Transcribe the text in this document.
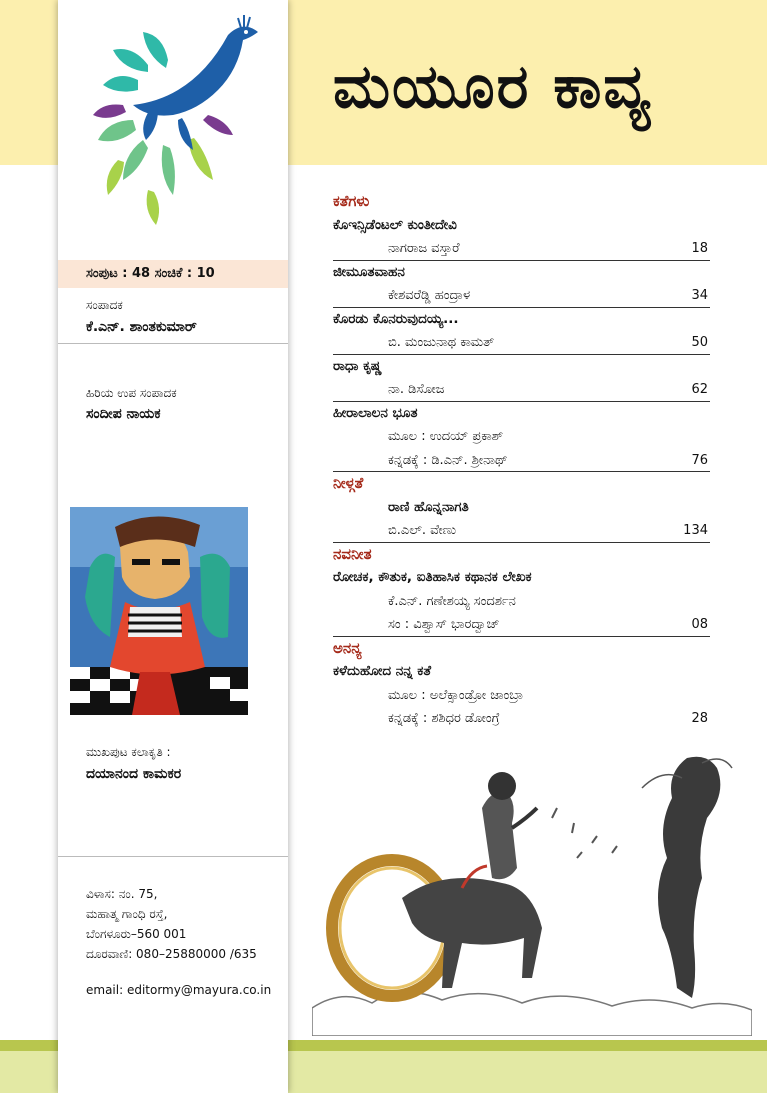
ಮಯೂರ ಕಾವ್ಯ
ಸಂಪುಟ : 48 ಸಂಚಿಕೆ : 10
ಸಂಪಾದಕ
ಕೆ.ಎನ್. ಶಾಂತಕುಮಾರ್
ಹಿರಿಯ ಉಪ ಸಂಪಾದಕ
ಸಂದೀಪ ನಾಯಕ
ಮುಖಪುಟ ಕಲಾಕೃತಿ :
ದಯಾನಂದ ಕಾಮಕರ
ವಿಳಾಸ: ನಂ. 75,
ಮಹಾತ್ಮ ಗಾಂಧಿ ರಸ್ತೆ,
ಬೆಂಗಳೂರು–560 001
ದೂರವಾಣಿ: 080–25880000 /635
email: editormy@mayura.co.in
ಕತೆಗಳು
ಕೊಇನ್ಸಿಡೆಂಟಲ್ ಕುಂತೀದೇವಿ
ನಾಗರಾಜ ವಸ್ತಾರೆ	18
ಜೀಮೂತವಾಹನ
ಕೇಶವರೆಡ್ಡಿ ಹಂದ್ರಾಳ	34
ಕೊರಡು ಕೊನರುವುದಯ್ಯ...
ಬಿ. ಮಂಜುನಾಥ ಕಾಮತ್	50
ರಾಧಾ ಕೃಷ್ಣ
ನಾ. ಡಿಸೋಜ	62
ಹೀರಾಲಾಲನ ಭೂತ
ಮೂಲ : ಉದಯ್ ಪ್ರಕಾಶ್
ಕನ್ನಡಕ್ಕೆ : ಡಿ.ಎನ್. ಶ್ರೀನಾಥ್	76
ನೀಳ್ಗತೆ
ರಾಣಿ ಹೊನ್ನನಾಗತಿ
ಬಿ.ಎಲ್. ವೇಣು	134
ನವನೀತ
ರೋಚಕ, ಕೌತುಕ, ಐತಿಹಾಸಿಕ ಕಥಾನಕ ಲೇಖಕ
ಕೆ.ಎನ್. ಗಣೇಶಯ್ಯ ಸಂದರ್ಶನ
ಸಂ : ವಿಶ್ವಾಸ್ ಭಾರದ್ವಾಜ್	08
ಅನನ್ಯ
ಕಳೆದುಹೋದ ನನ್ನ ಕತೆ
ಮೂಲ : ಅಲೆಕ್ಸಾಂಡ್ರೋ ಜಾಂಬ್ರಾ
ಕನ್ನಡಕ್ಕೆ : ಶಶಿಧರ ಡೋಂಗ್ರೆ	28
